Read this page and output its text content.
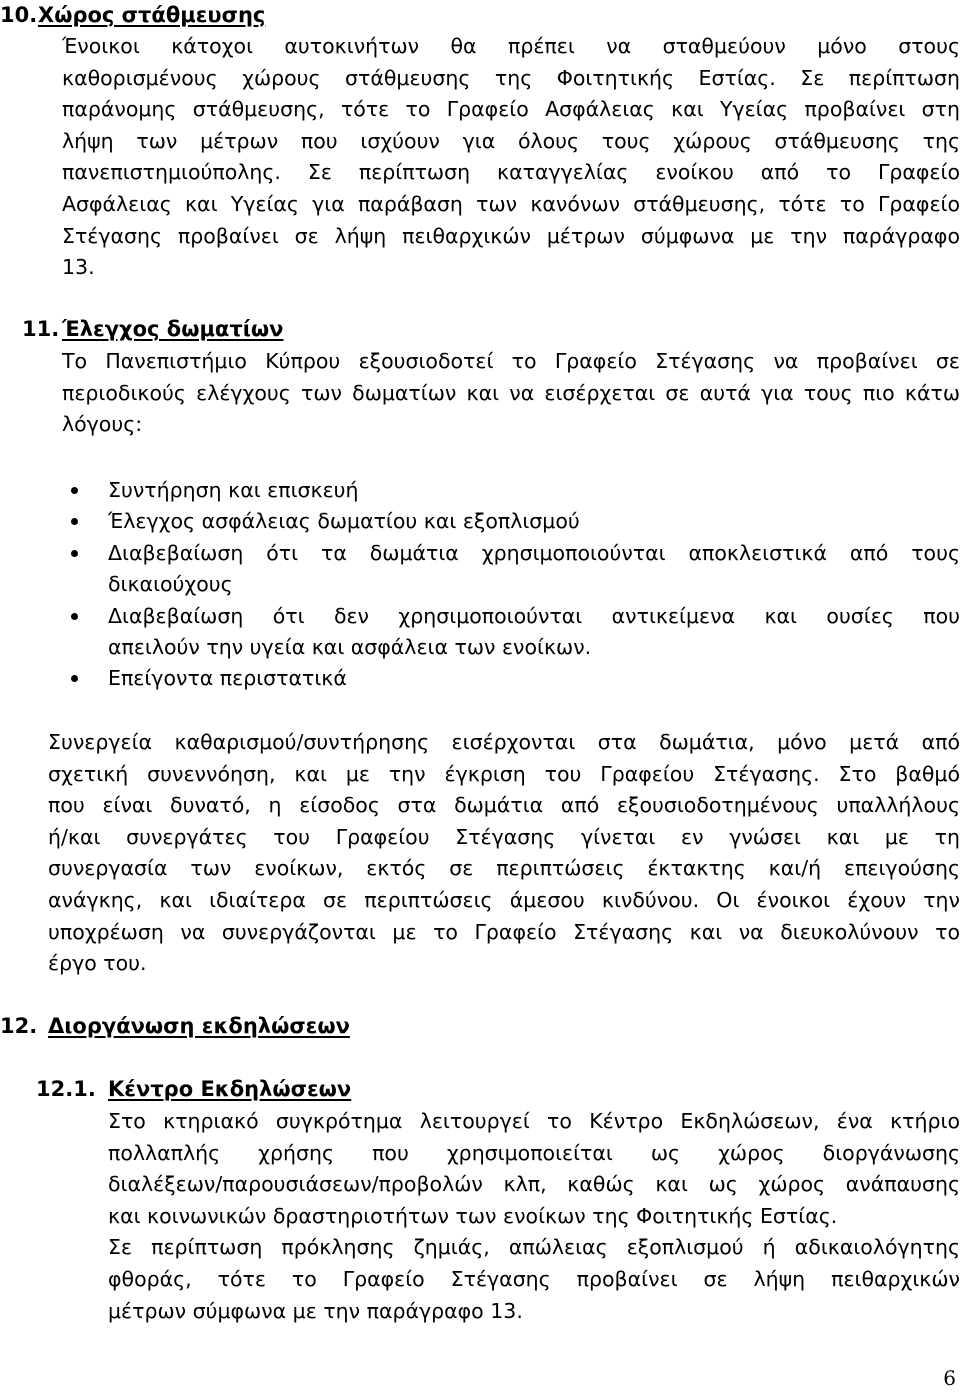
10.Χώρος στάθμευσης
Ένοικοι κάτοχοι αυτοκινήτων θα πρέπει να σταθμεύουν μόνο στους
καθορισμένους χώρους στάθμευσης της Φοιτητικής Εστίας. Σε περίπτωση
παράνομης στάθμευσης, τότε το Γραφείο Ασφάλειας και Υγείας προβαίνει στη
λήψη των μέτρων που ισχύουν για όλους τους χώρους στάθμευσης της
πανεπιστημιούπολης. Σε περίπτωση καταγγελίας ενοίκου από το Γραφείο
Ασφάλειας και Υγείας για παράβαση των κανόνων στάθμευσης, τότε το Γραφείο
Στέγασης προβαίνει σε λήψη πειθαρχικών μέτρων σύμφωνα με την παράγραφο
13.
11. Έλεγχος δωματίων
Το Πανεπιστήμιο Κύπρου εξουσιοδοτεί το Γραφείο Στέγασης να προβαίνει σε
περιοδικούς ελέγχους των δωματίων και να εισέρχεται σε αυτά για τους πιο κάτω
λόγους:
Συντήρηση και επισκευή
Έλεγχος ασφάλειας δωματίου και εξοπλισμού
Διαβεβαίωση ότι τα δωμάτια χρησιμοποιούνται αποκλειστικά από τους
δικαιούχους
Διαβεβαίωση ότι δεν χρησιμοποιούνται αντικείμενα και ουσίες που
απειλούν την υγεία και ασφάλεια των ενοίκων.
Επείγοντα περιστατικά
Συνεργεία καθαρισμού/συντήρησης εισέρχονται στα δωμάτια, μόνο μετά από
σχετική συνεννόηση, και με την έγκριση του Γραφείου Στέγασης. Στο βαθμό
που είναι δυνατό, η είσοδος στα δωμάτια από εξουσιοδοτημένους υπαλλήλους
ή/και συνεργάτες του Γραφείου Στέγασης γίνεται εν γνώσει και με τη
συνεργασία των ενοίκων, εκτός σε περιπτώσεις έκτακτης και/ή επειγούσης
ανάγκης, και ιδιαίτερα σε περιπτώσεις άμεσου κινδύνου. Οι ένοικοι έχουν την
υποχρέωση να συνεργάζονται με το Γραφείο Στέγασης και να διευκολύνουν το
έργο του.
12. Διοργάνωση εκδηλώσεων
12.1. Κέντρο Εκδηλώσεων
Στο κτηριακό συγκρότημα λειτουργεί το Κέντρο Εκδηλώσεων, ένα κτήριο
πολλαπλής χρήσης που χρησιμοποιείται ως χώρος διοργάνωσης
διαλέξεων/παρουσιάσεων/προβολών κλπ, καθώς και ως χώρος ανάπαυσης
και κοινωνικών δραστηριοτήτων των ενοίκων της Φοιτητικής Εστίας.
Σε περίπτωση πρόκλησης ζημιάς, απώλειας εξοπλισμού ή αδικαιολόγητης
φθοράς, τότε το Γραφείο Στέγασης προβαίνει σε λήψη πειθαρχικών
μέτρων σύμφωνα με την παράγραφο 13.
6
